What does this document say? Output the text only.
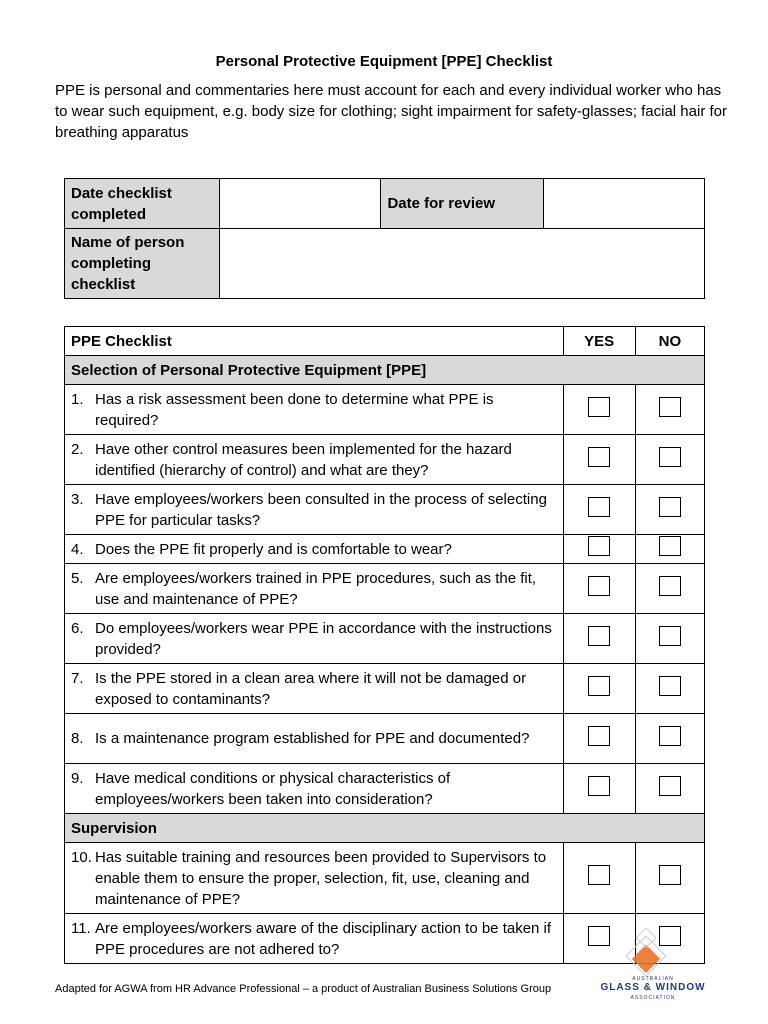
Personal Protective Equipment [PPE] Checklist
PPE is personal and commentaries here must account for each and every individual worker who has to wear such equipment, e.g. body size for clothing; sight impairment for safety-glasses; facial hair for breathing apparatus
Date checklist completed		Date for review	
Name of person completing checklist			
PPE Checklist	YES	NO
Selection of Personal Protective Equipment [PPE]		

1. Has a risk assessment been done to determine what PPE is required?		

2. Have other control measures been implemented for the hazard identified (hierarchy of control) and what are they?		

3. Have employees/workers been consulted in the process of selecting PPE for particular tasks?		

4. Does the PPE fit properly and is comfortable to wear?		

5. Are employees/workers trained in PPE procedures, such as the fit, use and maintenance of PPE?		

6. Do employees/workers wear PPE in accordance with the instructions provided?		

7. Is the PPE stored in a clean area where it will not be damaged or exposed to contaminants?		

8. Is a maintenance program established for PPE and documented?		

9. Have medical conditions or physical characteristics of employees/workers been taken into consideration?		

Supervision		

10. Has suitable training and resources been provided to Supervisors to enable them to ensure the proper, selection, fit, use, cleaning and maintenance of PPE?		

11. Are employees/workers aware of the disciplinary action to be taken if PPE procedures are not adhered to?		

Adapted for AGWA from HR Advance Professional – a product of Australian Business Solutions Group
AUSTRALIAN
GLASS & WINDOW
ASSOCIATION
